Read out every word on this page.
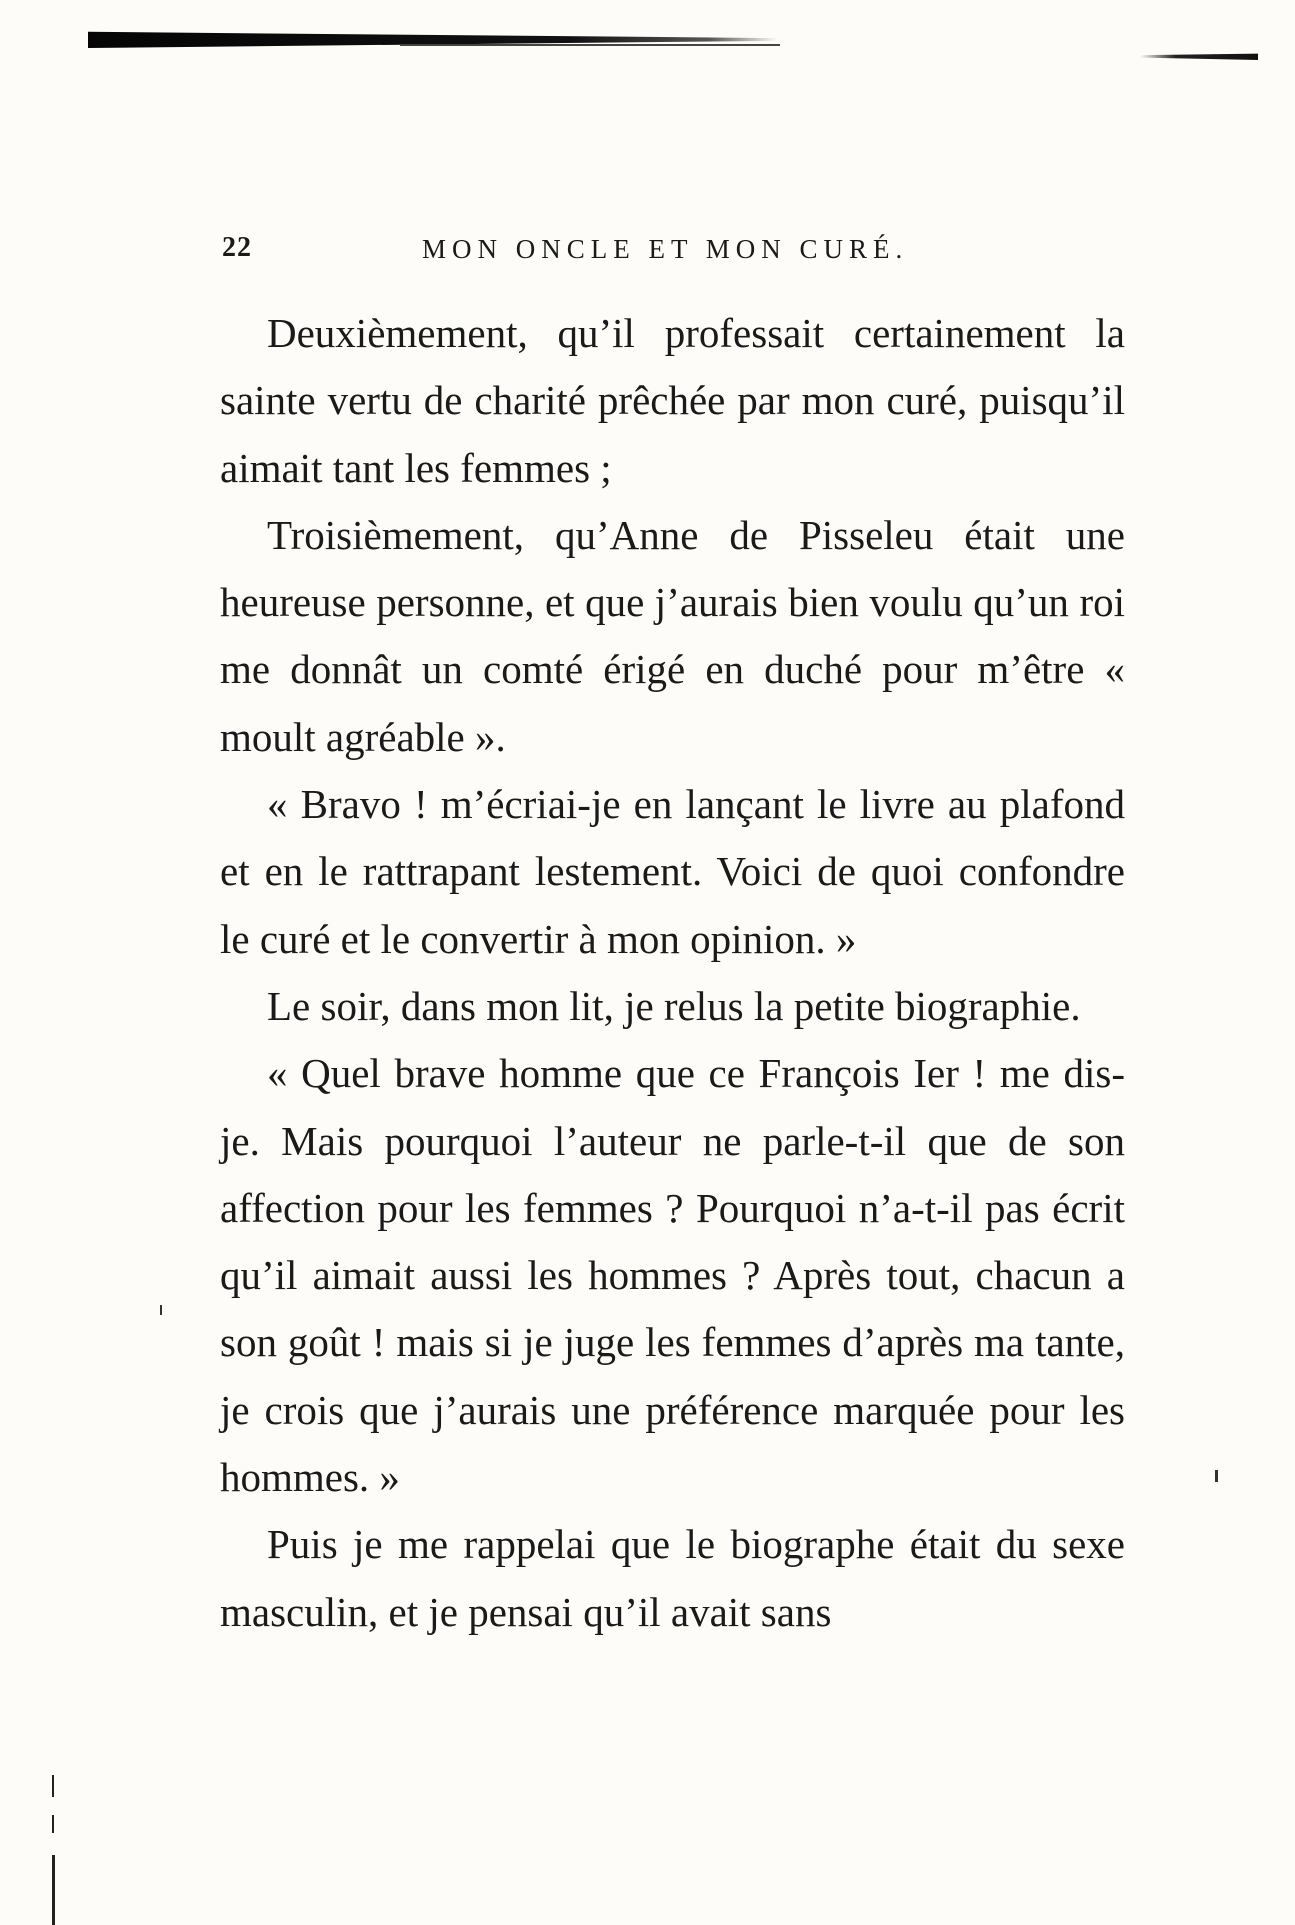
22	MON ONCLE ET MON CURÉ.

Deuxièmement, qu’il professait certainement la sainte vertu de charité prêchée par mon curé, puisqu’il aimait tant les femmes ;

Troisièmement, qu’Anne de Pisseleu était une heureuse personne, et que j’aurais bien voulu qu’un roi me donnât un comté érigé en duché pour m’être « moult agréable ».

« Bravo ! m’écriai-je en lançant le livre au plafond et en le rattrapant lestement. Voici de quoi confondre le curé et le convertir à mon opinion. »

Le soir, dans mon lit, je relus la petite biographie.

« Quel brave homme que ce François Ier ! me dis-je. Mais pourquoi l’auteur ne parle-t-il que de son affection pour les femmes ? Pourquoi n’a-t-il pas écrit qu’il aimait aussi les hommes ? Après tout, chacun a son goût ! mais si je juge les femmes d’après ma tante, je crois que j’aurais une préférence marquée pour les hommes. »

Puis je me rappelai que le biographe était du sexe masculin, et je pensai qu’il avait sans
